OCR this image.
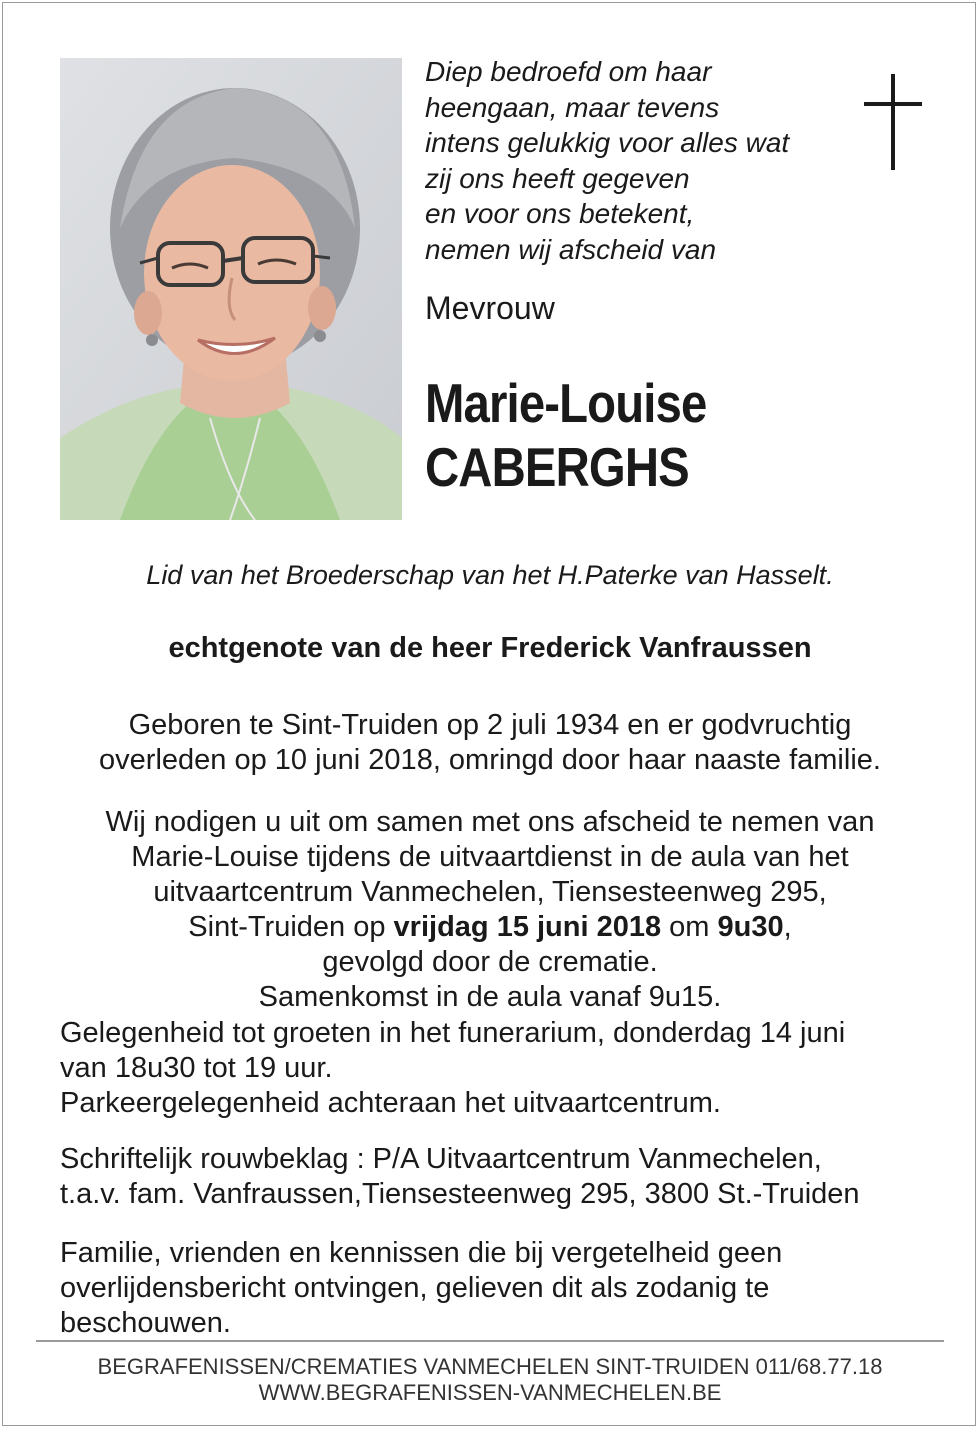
Diep bedroefd om haar
heengaan, maar tevens
intens gelukkig voor alles wat
zij ons heeft gegeven
en voor ons betekent,
nemen wij afscheid van
Mevrouw
Marie-Louise
CABERGHS
Lid van het Broederschap van het H.Paterke van Hasselt.
echtgenote van de heer Frederick Vanfraussen
Geboren te Sint-Truiden op 2 juli 1934 en er godvruchtig
overleden op 10 juni 2018, omringd door haar naaste familie.
Wij nodigen u uit om samen met ons afscheid te nemen van
Marie-Louise tijdens de uitvaartdienst in de aula van het
uitvaartcentrum Vanmechelen, Tiensesteenweg 295,
Sint-Truiden op vrijdag 15 juni 2018 om 9u30,
gevolgd door de crematie.
Samenkomst in de aula vanaf 9u15.
Gelegenheid tot groeten in het funerarium, donderdag 14 juni
van 18u30 tot 19 uur.
Parkeergelegenheid achteraan het uitvaartcentrum.
Schriftelijk rouwbeklag : P/A Uitvaartcentrum Vanmechelen,
t.a.v. fam. Vanfraussen,Tiensesteenweg 295, 3800 St.-Truiden
Familie, vrienden en kennissen die bij vergetelheid geen
overlijdensbericht ontvingen, gelieven dit als zodanig te
beschouwen.
BEGRAFENISSEN/CREMATIES VANMECHELEN SINT-TRUIDEN 011/68.77.18
WWW.BEGRAFENISSEN-VANMECHELEN.BE
